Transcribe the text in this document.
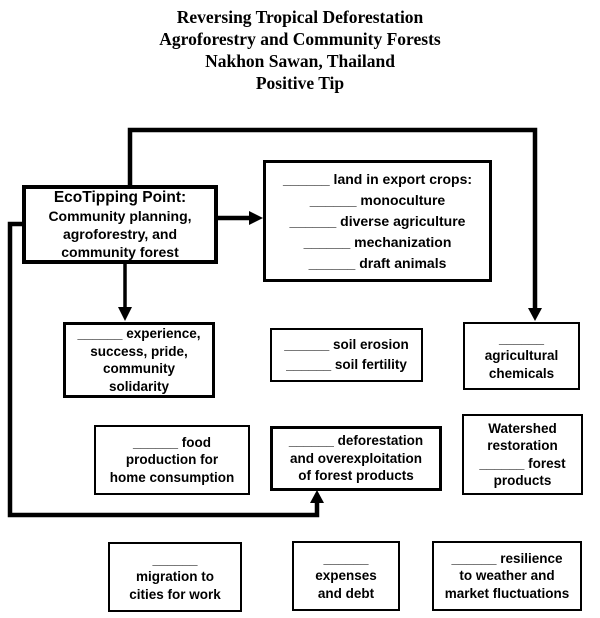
Reversing Tropical Deforestation
Agroforestry and Community Forests
Nakhon Sawan, Thailand
Positive Tip
EcoTipping Point:
Community planning,
agroforestry, and
community forest
______ land in export crops:
______ monoculture
______ diverse agriculture
______ mechanization
______ draft animals
______ experience,
success, pride,
community
solidarity
______ soil erosion
______ soil fertility
______
agricultural
chemicals
______ food
production for
home consumption
______ deforestation
and overexploitation
of forest products
Watershed
restoration
______ forest
products
______
migration to
cities for work
______
expenses
and debt
______ resilience
to weather and
market fluctuations
